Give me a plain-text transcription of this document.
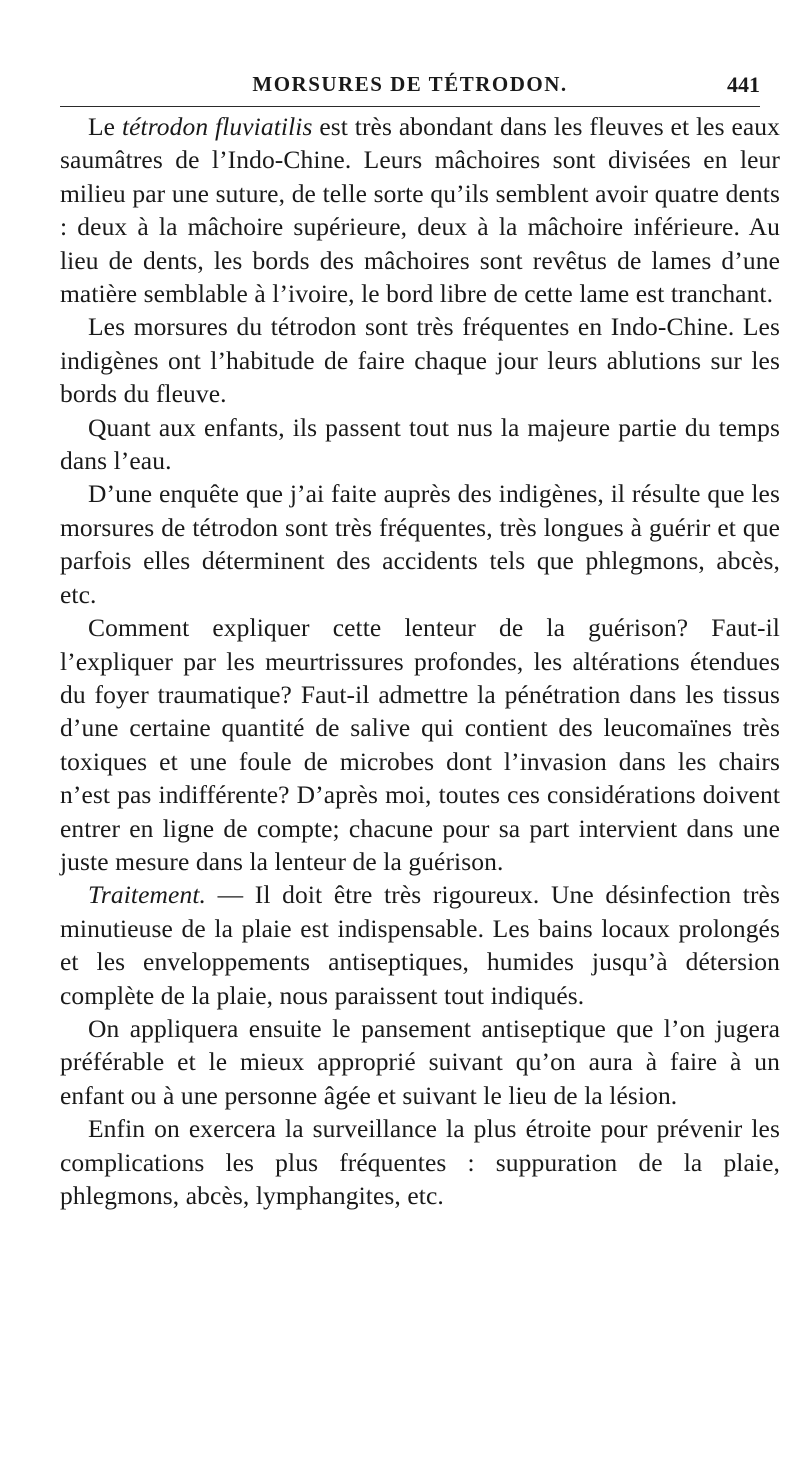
MORSURES DE TÉTRODON.	441

Le tétrodon fluviatilis est très abondant dans les fleuves et les eaux saumâtres de l’Indo-Chine. Leurs mâchoires sont divisées en leur milieu par une suture, de telle sorte qu’ils semblent avoir quatre dents : deux à la mâchoire supérieure, deux à la mâchoire inférieure. Au lieu de dents, les bords des mâchoires sont revêtus de lames d’une matière semblable à l’ivoire, le bord libre de cette lame est tranchant.

Les morsures du tétrodon sont très fréquentes en Indo-Chine. Les indigènes ont l’habitude de faire chaque jour leurs ablutions sur les bords du fleuve.

Quant aux enfants, ils passent tout nus la majeure partie du temps dans l’eau.

D’une enquête que j’ai faite auprès des indigènes, il résulte que les morsures de tétrodon sont très fréquentes, très longues à guérir et que parfois elles déterminent des accidents tels que phlegmons, abcès, etc.

Comment expliquer cette lenteur de la guérison? Faut-il l’expliquer par les meurtrissures profondes, les altérations étendues du foyer traumatique? Faut-il admettre la pénétration dans les tissus d’une certaine quantité de salive qui contient des leucomaïnes très toxiques et une foule de microbes dont l’invasion dans les chairs n’est pas indifférente? D’après moi, toutes ces considérations doivent entrer en ligne de compte; chacune pour sa part intervient dans une juste mesure dans la lenteur de la guérison.

Traitement. — Il doit être très rigoureux. Une désinfection très minutieuse de la plaie est indispensable. Les bains locaux prolongés et les enveloppements antiseptiques, humides jusqu’à détersion complète de la plaie, nous paraissent tout indiqués.

On appliquera ensuite le pansement antiseptique que l’on jugera préférable et le mieux approprié suivant qu’on aura à faire à un enfant ou à une personne âgée et suivant le lieu de la lésion.

Enfin on exercera la surveillance la plus étroite pour prévenir les complications les plus fréquentes : suppuration de la plaie, phlegmons, abcès, lymphangites, etc.
